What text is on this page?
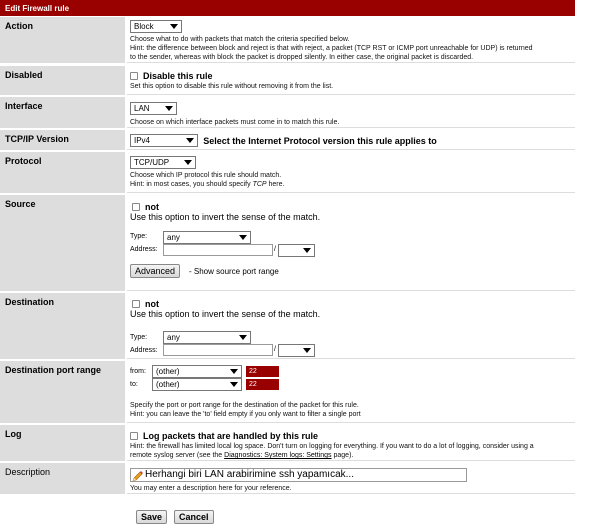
Edit Firewall rule
Action	Block
Choose what to do with packets that match the criteria specified below.
Hint: the difference between block and reject is that with reject, a packet (TCP RST or ICMP port unreachable for UDP) is returned
to the sender, whereas with block the packet is dropped silently. In either case, the original packet is discarded.
Disabled	Disable this rule
Set this option to disable this rule without removing it from the list.
Interface	LAN
Choose on which interface packets must come in to match this rule.
TCP/IP Version	IPv4	Select the Internet Protocol version this rule applies to
Protocol	TCP/UDP
Choose which IP protocol this rule should match.
Hint: in most cases, you should specify TCP here.
Source	not
Use this option to invert the sense of the match.
Type:	any
Address:	/
Advanced	- Show source port range
Destination	not
Use this option to invert the sense of the match.
Type:	any
Address:	/
Destination port range	from:	(other)	22
to:	(other)	22
Specify the port or port range for the destination of the packet for this rule.
Hint: you can leave the 'to' field empty if you only want to filter a single port
Log	Log packets that are handled by this rule
Hint: the firewall has limited local log space. Don't turn on logging for everything. If you want to do a lot of logging, consider using a
remote syslog server (see the Diagnostics: System logs: Settings page).
Description	Herhangi biri LAN arabirimine ssh yapamıcak...
You may enter a description here for your reference.
Save	Cancel
